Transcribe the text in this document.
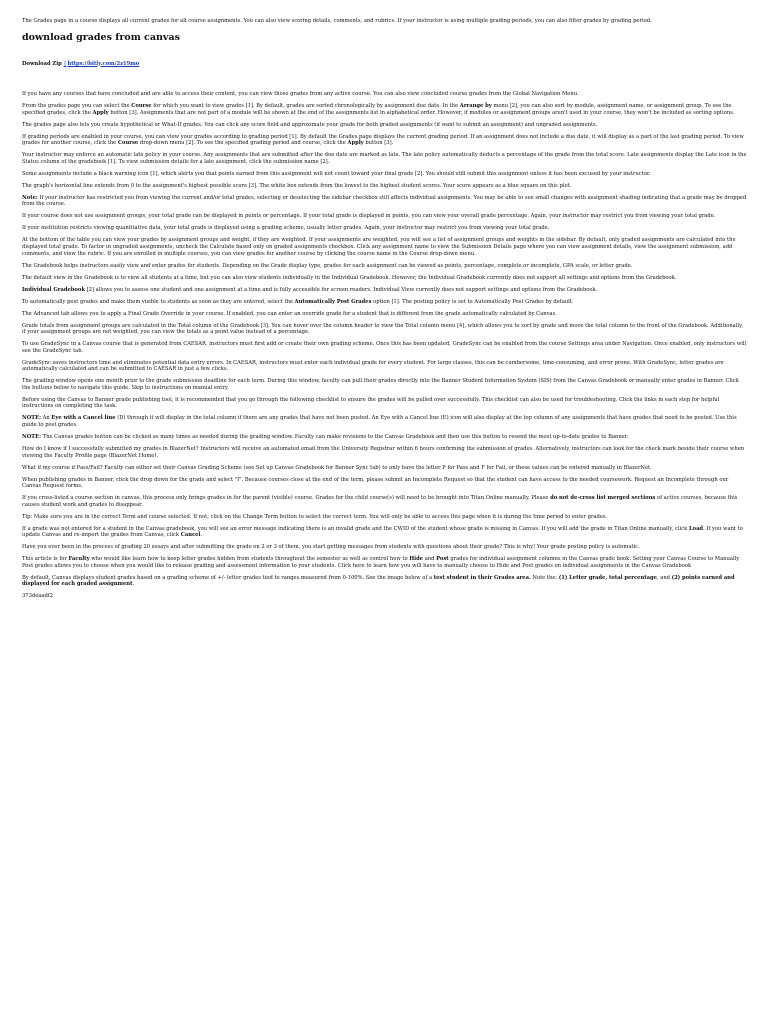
The Grades page in a course displays all current grades for all course assignments. You can also view scoring details, comments, and rubrics. If your instructor is using multiple grading periods, you can also filter grades by grading period.

download grades from canvas

Download Zip ▯https://bitly.com/2z19mo

If you have any courses that have concluded and are able to access their content, you can view those grades from any active course. You can also view concluded course grades from the Global Navigation Menu.

From the grades page you can select the Course for which you want to view grades [1]. By default, grades are sorted chronologically by assignment due date. In the Arrange by menu [2], you can also sort by module, assignment name, or assignment group. To see the specified grades, click the Apply button [3]. Assignments that are not part of a module will be shown at the end of the assignments list in alphabetical order. However, if modules or assignment groups aren't used in your course, they won't be included as sorting options.

The grades page also lets you create hypothetical or What-If grades. You can click any score field and approximate your grade for both graded assignments (if want to submit an assignment) and ungraded assignments.

If grading periods are enabled in your course, you can view your grades according to grading period [1]. By default the Grades page displays the current grading period. If an assignment does not include a due date, it will display as a part of the last grading period. To view grades for another course, click the Course drop-down menu [2]. To see the specified grading period and course, click the Apply button [3].

Your instructor may enforce an automatic late policy in your course. Any assignments that are submitted after the due date are marked as late. The late policy automatically deducts a percentage of the grade from the total score. Late assignments display the Late icon in the Status column of the gradebook [1]. To view submission details for a late assignment, click the submission name [2].

Some assignments include a black warning icon [1], which alerts you that points earned from this assignment will not count toward your final grade [2]. You should still submit this assignment unless it has been excused by your instructor.

The graph's horizontal line extends from 0 to the assignment's highest possible score [3]. The white box extends from the lowest to the highest student scores. Your score appears as a blue square on this plot.

Note: If your instructor has restricted you from viewing the current and/or total grades, selecting or deselecting the sidebar checkbox still affects individual assignments. You may be able to see small changes with assignment shading indicating that a grade may be dropped from the course.

If your course does not use assignment groups, your total grade can be displayed in points or percentage. If your total grade is displayed in points, you can view your overall grade percentage. Again, your instructor may restrict you from viewing your total grade.

If your institution restricts viewing quantitative data, your total grade is displayed using a grading scheme, usually letter grades. Again, your instructor may restrict you from viewing your total grade.

At the bottom of the table you can view your grades by assignment groups and weight, if they are weighted. If your assignments are weighted, you will see a list of assignment groups and weights in the sidebar. By default, only graded assignments are calculated into the displayed total grade. To factor in ungraded assignments, uncheck the Calculate based only on graded assignments checkbox. Click any assignment name to view the Submission Details page where you can view assignment details, view the assignment submission, add comments, and view the rubric. If you are enrolled in multiple courses, you can view grades for another course by clicking the course name in the Course drop-down menu.

The Gradebook helps instructors easily view and enter grades for students. Depending on the Grade display type, grades for each assignment can be viewed as points, percentage, complete or incomplete, GPA scale, or letter grade.

The default view in the Gradebook is to view all students at a time, but you can also view students individually in the Individual Gradebook. However, the Individual Gradebook currently does not support all settings and options from the Gradebook.

Individual Gradebook [2] allows you to assess one student and one assignment at a time and is fully accessible for screen readers. Individual View currently does not support settings and options from the Gradebook.

To automatically post grades and make them visible to students as soon as they are entered, select the Automatically Post Grades option [1]. The posting policy is set to Automatically Post Grades by default.

The Advanced tab allows you to apply a Final Grade Override in your course. If enabled, you can enter an override grade for a student that is different from the grade automatically calculated by Canvas.

Grade totals from assignment groups are calculated in the Total column of the Gradebook [3]. You can hover over the column header to view the Total column menu [4], which allows you to sort by grade and move the total column to the front of the Gradebook. Additionally, if your assignment groups are not weighted, you can view the totals as a point value instead of a percentage.

To use GradeSync in a Canvas course that is generated from CAESAR, instructors must first add or create their own grading scheme. Once this has been updated, GradeSync can be enabled from the course Settings area under Navigation. Once enabled, only instructors will see the GradeSync tab.

GradeSync saves instructors time and eliminates potential data entry errors. In CAESAR, instructors must enter each individual grade for every student. For large classes, this can be cumbersome, time-consuming, and error prone. With GradeSync, letter grades are automatically calculated and can be submitted to CAESAR in just a few clicks.

The grading window opens one month prior to the grade submission deadline for each term. During this window, faculty can pull their grades directly into the Banner Student Information System (SIS) from the Canvas Gradebook or manually enter grades in Banner. Click the buttons below to navigate this guide. Skip to instructions on manual entry.

Before using the Canvas to Banner grade publishing tool, it is recommended that you go through the following checklist to ensure the grades will be pulled over successfully. This checklist can also be used for troubleshooting. Click the links in each step for helpful instructions on completing the task.

NOTE: An Eye with a Cancel line (D) through it will display in the total column if there are any grades that have not been posted. An Eye with a Cancel line (E) icon will also display at the top column of any assignments that have grades that need to be posted. Use this guide to post grades.

NOTE: The Canvas grades button can be clicked as many times as needed during the grading window. Faculty can make revisions to the Canvas Gradebook and then use this button to resend the most up-to-date grades to Banner.

How do I know if I successfully submitted my grades in BlazerNet? Instructors will receive an automated email from the University Registrar within 6 hours confirming the submission of grades. Alternatively, instructors can look for the check mark beside their course when viewing the Faculty Profile page (BlazerNet Home).

What if my course if Pass/Fail? Faculty can either set their Canvas Grading Scheme (see Set up Canvas Gradebook for Banner Sync tab) to only have the letter P for Pass and F for Fail, or these values can be entered manually in BlazerNet.

When publishing grades in Banner, click the drop down for the grade and select "I". Because courses close at the end of the term, please submit an Incomplete Request so that the student can have access to the needed coursework. Request an Incomplete through our Canvas Request forms.

If you cross-listed a course section in canvas, this process only brings grades in for the parent (visible) course. Grades for the child course(s) will need to be brought into Titan Online manually. Please do not de-cross list merged sections of active courses, because this causes student work and grades to disappear.

Tip: Make sure you are in the correct Term and course selected. If not, click on the Change Term button to select the correct term. You will only be able to access this page when it is during the time period to enter grades.

If a grade was not entered for a student in the Canvas gradebook, you will see an error message indicating there is an invalid grade and the CWID of the student whose grade is missing in Canvas. If you will add the grade in Titan Online manually, click Load. If you want to update Canvas and re-import the grades from Canvas, click Cancel.

Have you ever been in the process of grading 20 essays and after submitting the grade on 2 or 3 of them, you start getting messages from students with questions about their grade? This is why! Your grade posting policy is automatic.

This article is for Faculty who would like learn how to keep letter grades hidden from students throughout the semester as well as control how to Hide and Post grades for individual assignment columns in the Canvas grade book. Setting your Canvas Course to Manually Post grades allows you to choose when you would like to release grading and assessment information to your students. Click here to learn how you will have to manually choose to Hide and Post grades on individual assignments in the Canvas Gradebook

By default, Canvas displays student grades based on a grading scheme of +/- letter grades tied to ranges measured from 0-100%. See the image below of a test student in their Grades area. Note the: (1) Letter grade, total percentage, and (2) points earned and displayed for each graded assignment.

373deaadf2
